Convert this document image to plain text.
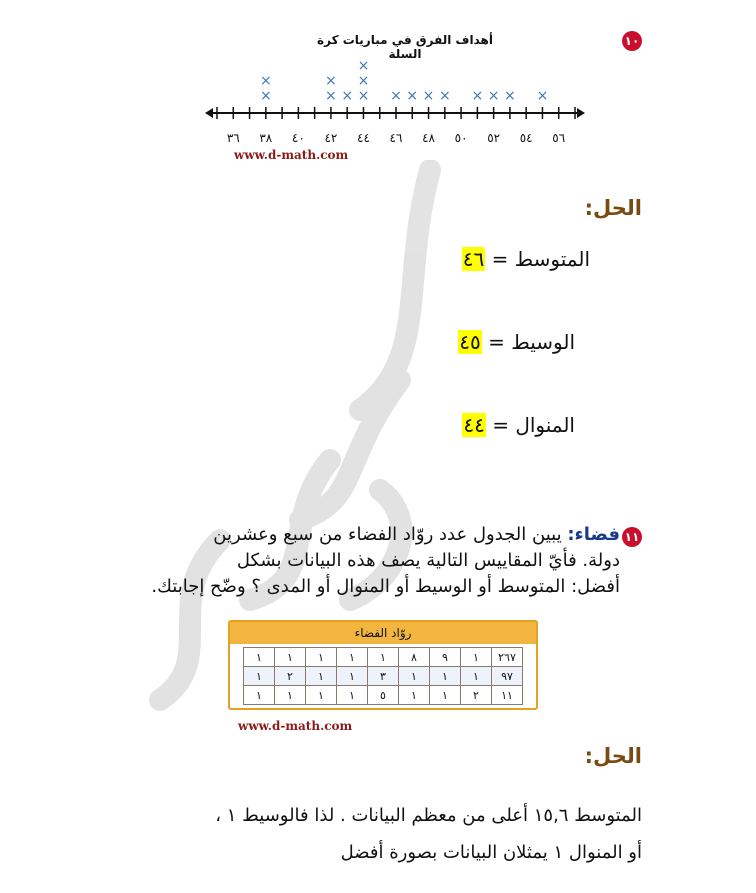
١٠
أهداف الفرق في مباريات كرة السلة
×
×
×
×
× ×
×
×
× × × × × × × ×
٣٦ ٣٨ ٤٠ ٤٢ ٤٤ ٤٦ ٤٨ ٥٠ ٥٢ ٥٤ ٥٦
www.d-math.com
الحل:
المتوسط = ٤٦
الوسيط = ٤٥
المنوال = ٤٤
١١
فضاء: يبين الجدول عدد روّاد الفضاء من سبع وعشرين
دولة. فأيّ المقاييس التالية يصف هذه البيانات بشكل
أفضل: المتوسط أو الوسيط أو المنوال أو المدى ؟ وضّح إجابتك.
روّاد الفضاء
١	١	١	١	١	٨	٩	١	٢٦٧
١	٢	١	١	٣	١	١	١	٩٧
١	١	١	١	٥	١	١	٢	١١
www.d-math.com
الحل:
المتوسط ١٥,٦ أعلى من معظم البيانات . لذا فالوسيط ١ ،
أو المنوال ١ يمثلان البيانات بصورة أفضل
